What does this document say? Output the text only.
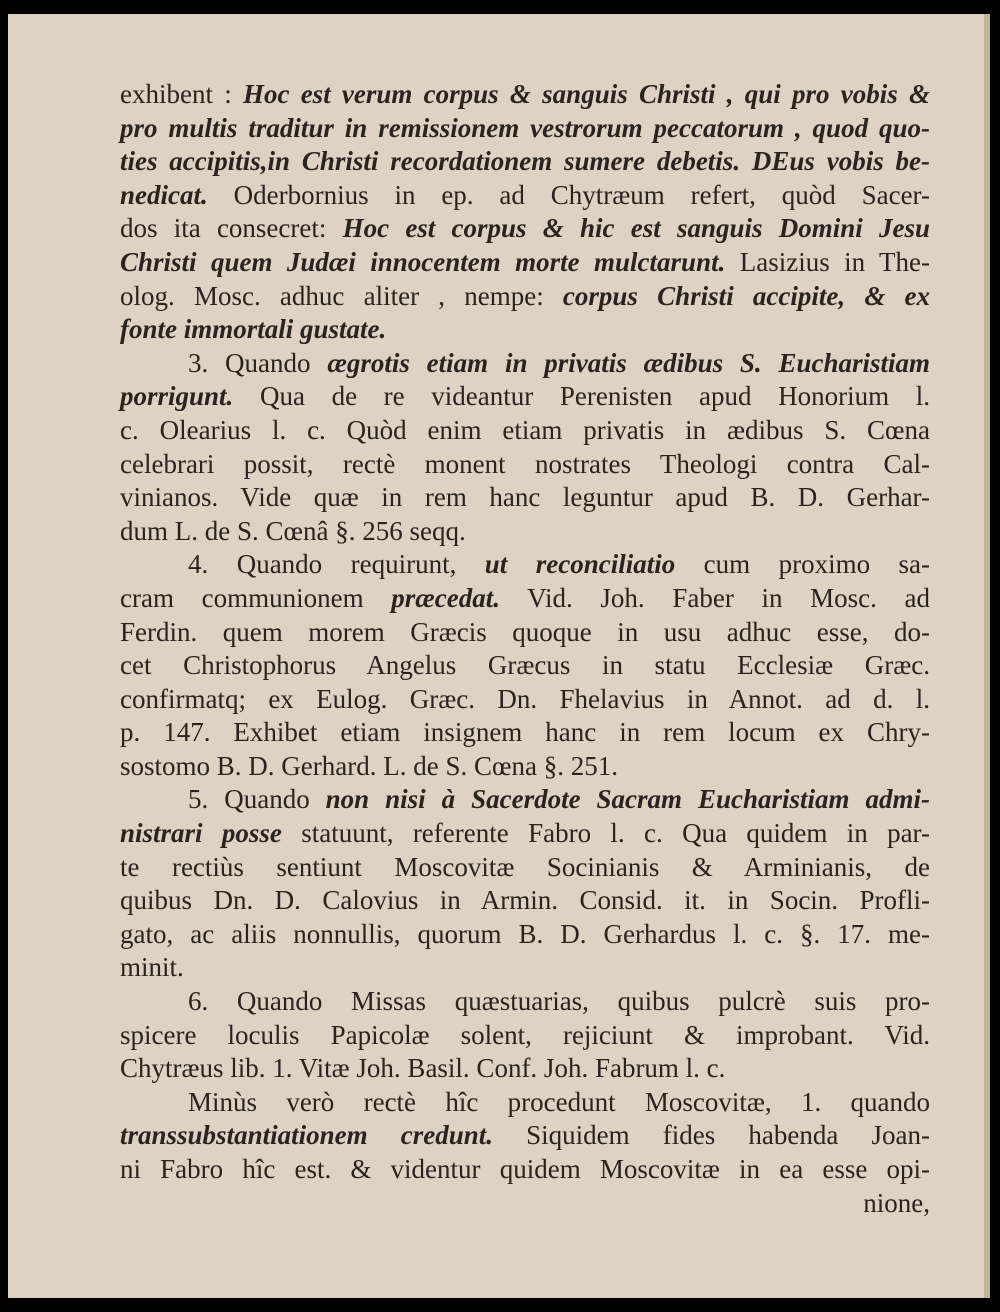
exhibent : Hoc est verum corpus & sanguis Christi , qui pro vobis &
pro multis traditur in remissionem vestrorum peccatorum , quod quo-
ties accipitis,in Christi recordationem sumere debetis. DEus vobis be-
nedicat. Oderbornius in ep. ad Chytræum refert, quòd Sacer-
dos ita consecret: Hoc est corpus & hic est sanguis Domini Jesu
Christi quem Judæi innocentem morte mulctarunt. Lasizius in The-
olog. Mosc. adhuc aliter , nempe: corpus Christi accipite, & ex
fonte immortali gustate.
3. Quando ægrotis etiam in privatis ædibus S. Eucharistiam
porrigunt. Qua de re videantur Perenisten apud Honorium l.
c. Olearius l. c. Quòd enim etiam privatis in ædibus S. Cœna
celebrari possit, rectè monent nostrates Theologi contra Cal-
vinianos. Vide quæ in rem hanc leguntur apud B. D. Gerhar-
dum L. de S. Cœnâ §. 256 seqq.
4. Quando requirunt, ut reconciliatio cum proximo sa-
cram communionem præcedat. Vid. Joh. Faber in Mosc. ad
Ferdin. quem morem Græcis quoque in usu adhuc esse, do-
cet Christophorus Angelus Græcus in statu Ecclesiæ Græc.
confirmatq; ex Eulog. Græc. Dn. Fhelavius in Annot. ad d. l.
p. 147. Exhibet etiam insignem hanc in rem locum ex Chry-
sostomo B. D. Gerhard. L. de S. Cœna §. 251.
5. Quando non nisi à Sacerdote Sacram Eucharistiam admi-
nistrari posse statuunt, referente Fabro l. c. Qua quidem in par-
te rectiùs sentiunt Moscovitæ Socinianis & Arminianis, de
quibus Dn. D. Calovius in Armin. Consid. it. in Socin. Profli-
gato, ac aliis nonnullis, quorum B. D. Gerhardus l. c. §. 17. me-
minit.
6. Quando Missas quæstuarias, quibus pulcrè suis pro-
spicere loculis Papicolæ solent, rejiciunt & improbant. Vid.
Chytræus lib. 1. Vitæ Joh. Basil. Conf. Joh. Fabrum l. c.
Minùs verò rectè hîc procedunt Moscovitæ, 1. quando
transsubstantiationem credunt. Siquidem fides habenda Joan-
ni Fabro hîc est. & videntur quidem Moscovitæ in ea esse opi-
nione,
